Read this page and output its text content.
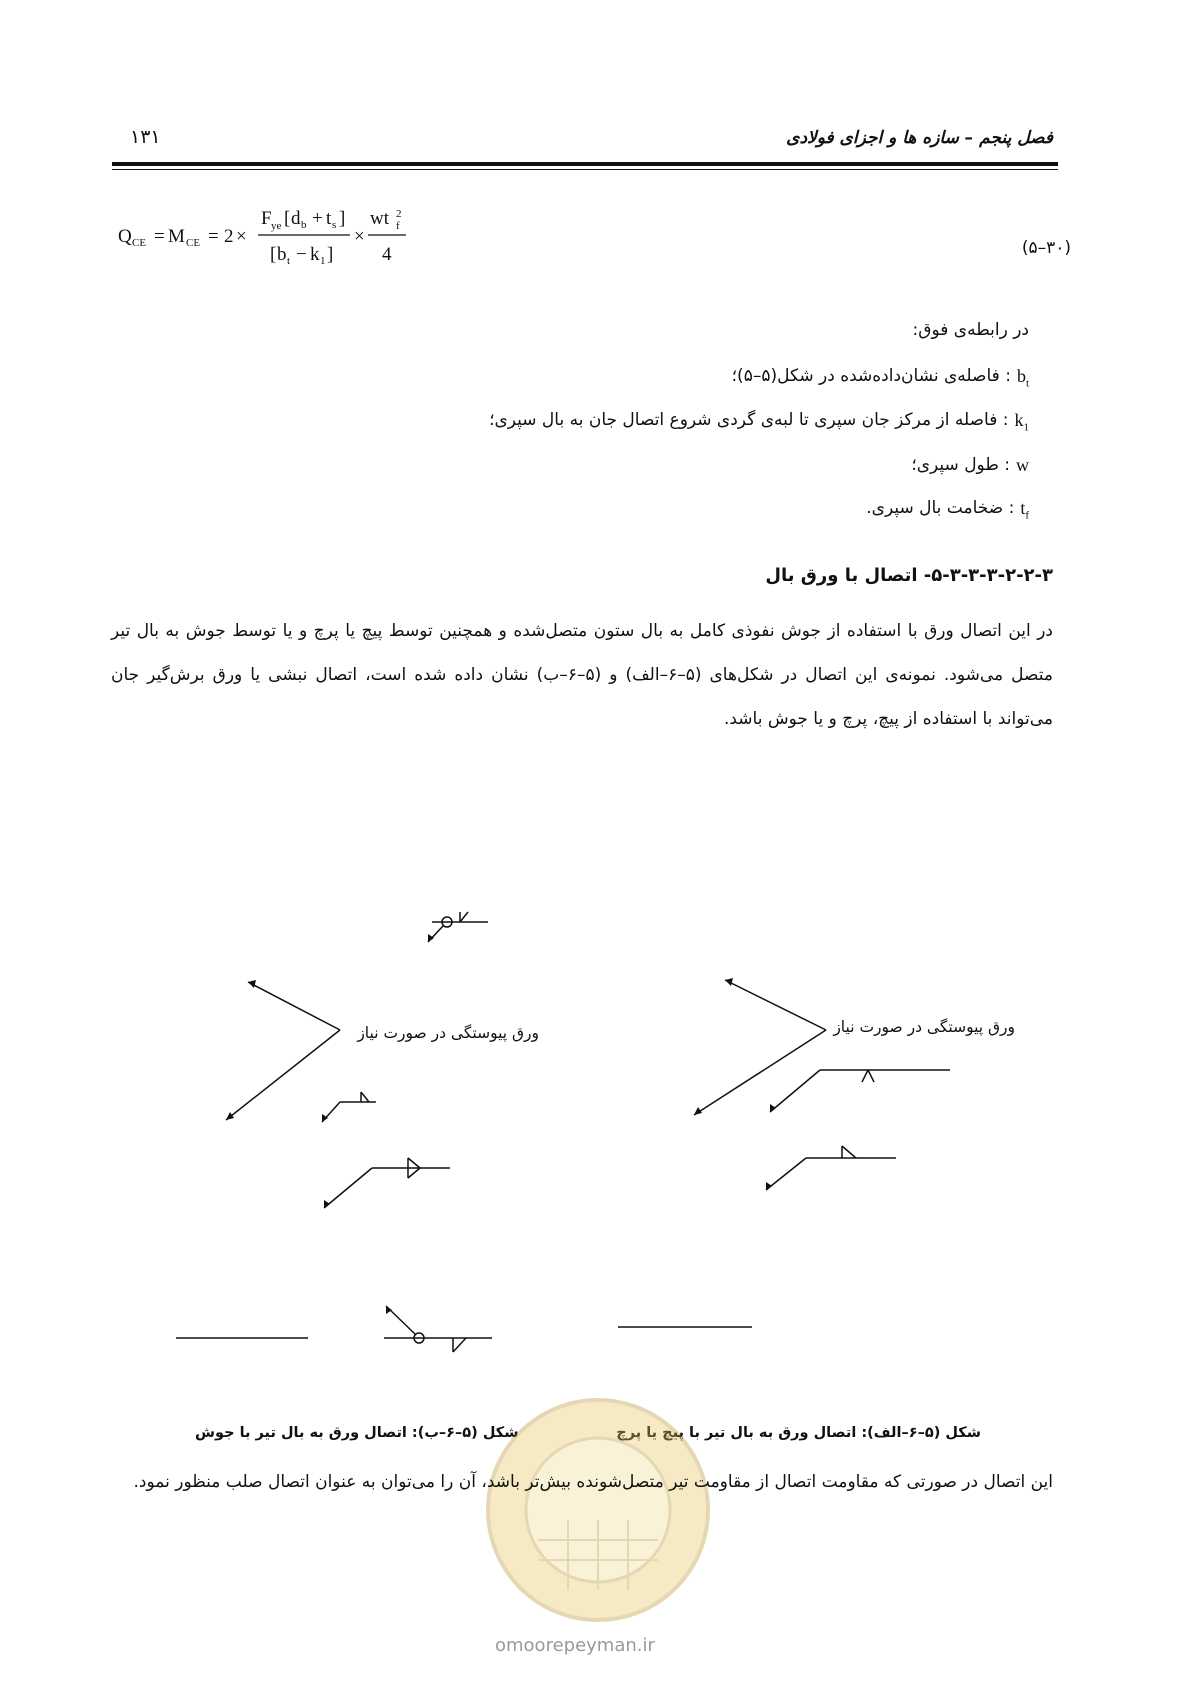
فصل پنجم – سازه ها و اجزای فولادی
۱۳۱
Q CE = M CE = 2 ×
F ye [ d b + t s ]
[ b t − k 1 ]
×
wt 2
f
4	(۵–۳۰)
در رابطه‌ی فوق:
$b_t$
: فاصله‌ی نشان‌داده‌شده در شکل(۵–۵)؛
$k_1$
: فاصله از مرکز جان سپری تا لبه‌ی گردی شروع اتصال جان به بال سپری؛
w
: طول سپری؛
$t_f$
: ضخامت بال سپری.
۵-۳-۳-۳-۲-۲-۳- اتصال با ورق بال
در این اتصال ورق با استفاده از جوش نفوذی کامل به بال ستون متصل‌شده و همچنین توسط پیچ یا پرچ و یا توسط جوش به بال تیر متصل می‌شود. نمونه‌ی این اتصال در شکل‌های (۵–۶–الف) و (۵–۶–ب) نشان داده شده است، اتصال نبشی یا ورق برش‌گیر جان می‌تواند با استفاده از پیچ، پرچ و یا جوش باشد.
ورق پیوستگی در صورت نیاز	ورق پیوستگی در صورت نیاز
شکل (۵–۶–الف): اتصال ورق به بال تیر با پیچ یا پرچ
شکل (۵–۶–ب): اتصال ورق به بال تیر با جوش
omoorepeyman.ir
این اتصال در صورتی که مقاومت اتصال از مقاومت تیر متصل‌شونده بیش‌تر باشد، آن را می‌توان به عنوان اتصال صلب منظور نمود.
